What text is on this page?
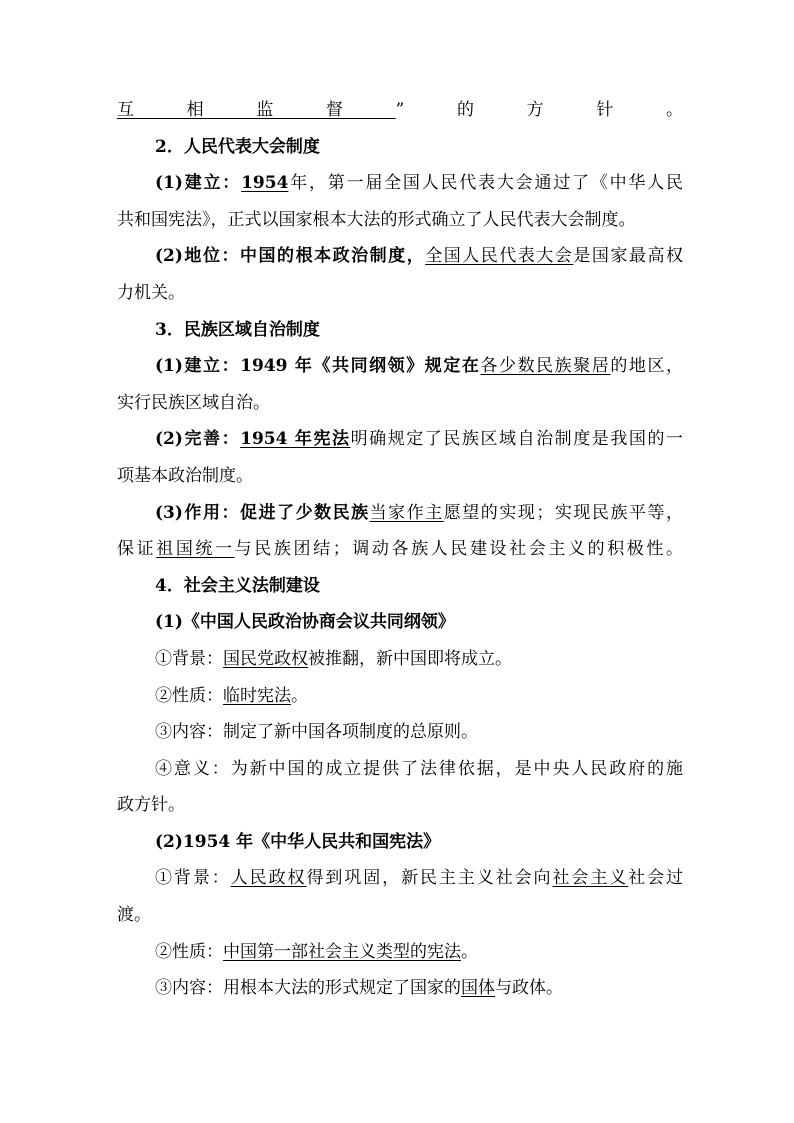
互相监督”的方针。
2．人民代表大会制度
(1)建立：1954年，第一届全国人民代表大会通过了《中华人民
共和国宪法》，正式以国家根本大法的形式确立了人民代表大会制度。
(2)地位：中国的根本政治制度，全国人民代表大会是国家最高权
力机关。
3．民族区域自治制度
(1)建立：1949 年《共同纲领》规定在各少数民族聚居的地区，
实行民族区域自治。
(2)完善：1954 年宪法明确规定了民族区域自治制度是我国的一
项基本政治制度。
(3)作用：促进了少数民族当家作主愿望的实现；实现民族平等，
保证祖国统一与民族团结；调动各族人民建设社会主义的积极性。
4．社会主义法制建设
(1)《中国人民政治协商会议共同纲领》
①背景：国民党政权被推翻，新中国即将成立。
②性质：临时宪法。
③内容：制定了新中国各项制度的总原则。
④意义：为新中国的成立提供了法律依据，是中央人民政府的施
政方针。
(2)1954 年《中华人民共和国宪法》
①背景：人民政权得到巩固，新民主主义社会向社会主义社会过
渡。
②性质：中国第一部社会主义类型的宪法。
③内容：用根本大法的形式规定了国家的国体与政体。
